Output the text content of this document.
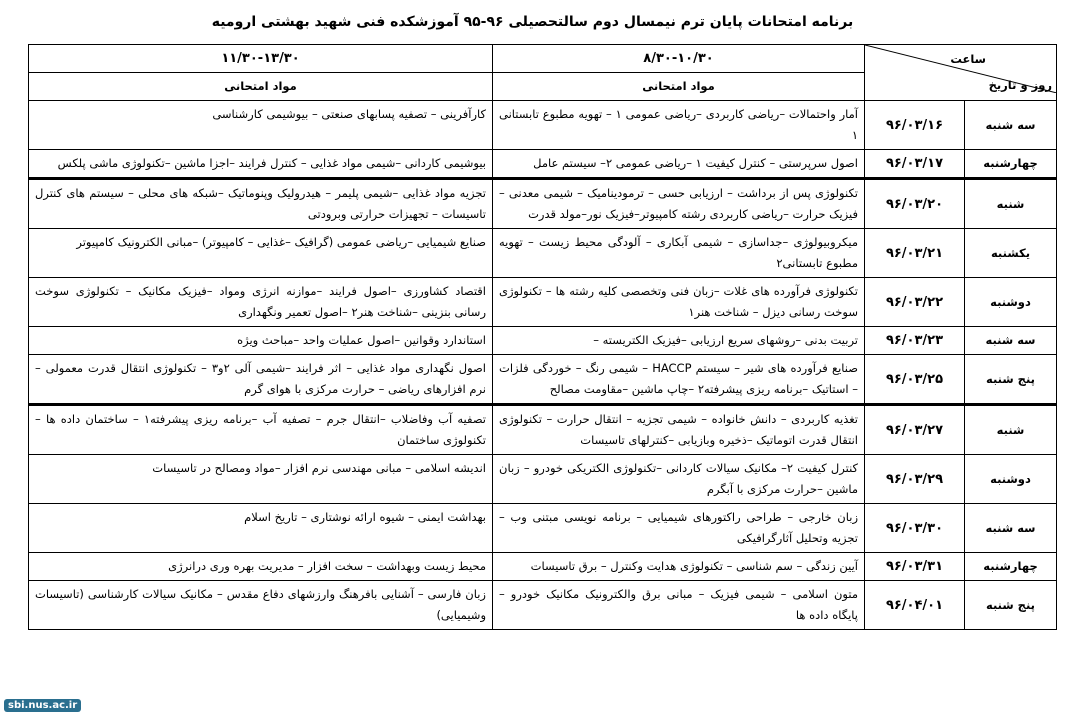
برنامه امتحانات پایان ترم نیمسال دوم سالتحصیلی ۹۶-۹۵ آموزشکده فنی شهید بهشتی ارومیه
ساعت
روز و تاریخ		۸/۳۰-۱۰/۳۰	۱۱/۳۰-۱۳/۳۰
		مواد امتحانی	مواد امتحانی
سه شنبه	۹۶/۰۳/۱۶	آمار واحتمالات –ریاضی کاربردی –ریاضی عمومی ۱ – تهویه مطبوع تابستانی ۱	کارآفرینی – تصفیه پسابهای صنعتی – بیوشیمی کارشناسی
چهارشنبه	۹۶/۰۳/۱۷	اصول سرپرستی – کنترل کیفیت ۱ –ریاضی عمومی ۲– سیستم عامل	بیوشیمی کاردانی –شیمی مواد غذایی – کنترل فرایند –اجزا ماشین –تکنولوژی ماشی پلکس
شنبه	۹۶/۰۳/۲۰	تکنولوژی پس از برداشت – ارزیابی حسی – ترمودینامیک – شیمی معدنی – فیزیک حرارت –ریاضی کاربردی رشته کامپیوتر–فیزیک نور–مولد قدرت	تجزیه مواد غذایی –شیمی پلیمر – هیدرولیک وپنوماتیک –شبکه های محلی – سیستم های کنترل تاسیسات – تجهیزات حرارتی وبرودتی
یکشنبه	۹۶/۰۳/۲۱	میکروبیولوژی –جداسازی – شیمی آبکاری – آلودگی محیط زیست – تهویه مطبوع تابستانی۲	صنایع شیمیایی –ریاضی عمومی (گرافیک –غذایی – کامپیوتر) –مبانی الکترونیک کامپیوتر
دوشنبه	۹۶/۰۳/۲۲	تکنولوژی فرآورده های غلات –زبان فنی وتخصصی کلیه رشته ها – تکنولوژی سوخت رسانی دیزل – شناخت هنر۱	اقتصاد کشاورزی –اصول فرایند –موازنه انرژی ومواد –فیزیک مکانیک – تکنولوژی سوخت رسانی بنزینی –شناخت هنر۲ –اصول تعمیر ونگهداری
سه شنبه	۹۶/۰۳/۲۳	تربیت بدنی –روشهای سریع ارزیابی –فیزیک الکتریسته –	استاندارد وقوانین –اصول عملیات واحد –مباحث ویژه
پنج شنبه	۹۶/۰۳/۲۵	صنایع فرآورده های شیر – سیستم HACCP – شیمی رنگ – خوردگی فلزات – استاتیک –برنامه ریزی پیشرفته۲ –چاپ ماشین –مقاومت مصالح	اصول نگهداری مواد غذایی – اثر فرایند –شیمی آلی ۲و۳ – تکنولوژی انتقال قدرت معمولی – نرم افزارهای ریاضی – حرارت مرکزی با هوای گرم
شنبه	۹۶/۰۳/۲۷	تغذیه کاربردی – دانش خانواده – شیمی تجزیه – انتقال حرارت – تکنولوژی انتقال قدرت اتوماتیک –ذخیره وبازیابی –کنترلهای تاسیسات	تصفیه آب وفاضلاب –انتقال جرم – تصفیه آب –برنامه ریزی پیشرفته۱ – ساختمان داده ها – تکنولوژی ساختمان
دوشنبه	۹۶/۰۳/۲۹	کنترل کیفیت ۲– مکانیک سیالات کاردانی –تکنولوژی الکتریکی خودرو – زبان ماشین –حرارت مرکزی با آبگرم	اندیشه اسلامی – مبانی مهندسی نرم افزار –مواد ومصالح در تاسیسات
سه شنبه	۹۶/۰۳/۳۰	زبان خارجی – طراحی راکتورهای شیمیایی – برنامه نویسی مبتنی وب – تجزیه وتحلیل آثارگرافیکی	بهداشت ایمنی – شیوه ارائه نوشتاری – تاریخ اسلام
چهارشنبه	۹۶/۰۳/۳۱	آیین زندگی – سم شناسی – تکنولوژی هدایت وکنترل – برق تاسیسات	محیط زیست وبهداشت – سخت افزار – مدیریت بهره وری درانرژی
پنج شنبه	۹۶/۰۴/۰۱	متون اسلامی – شیمی فیزیک – مبانی برق والکترونیک مکانیک خودرو – پایگاه داده ها	زبان فارسی – آشنایی بافرهنگ وارزشهای دفاع مقدس – مکانیک سیالات کارشناسی (تاسیسات وشیمیایی)
sbi.nus.ac.ir
